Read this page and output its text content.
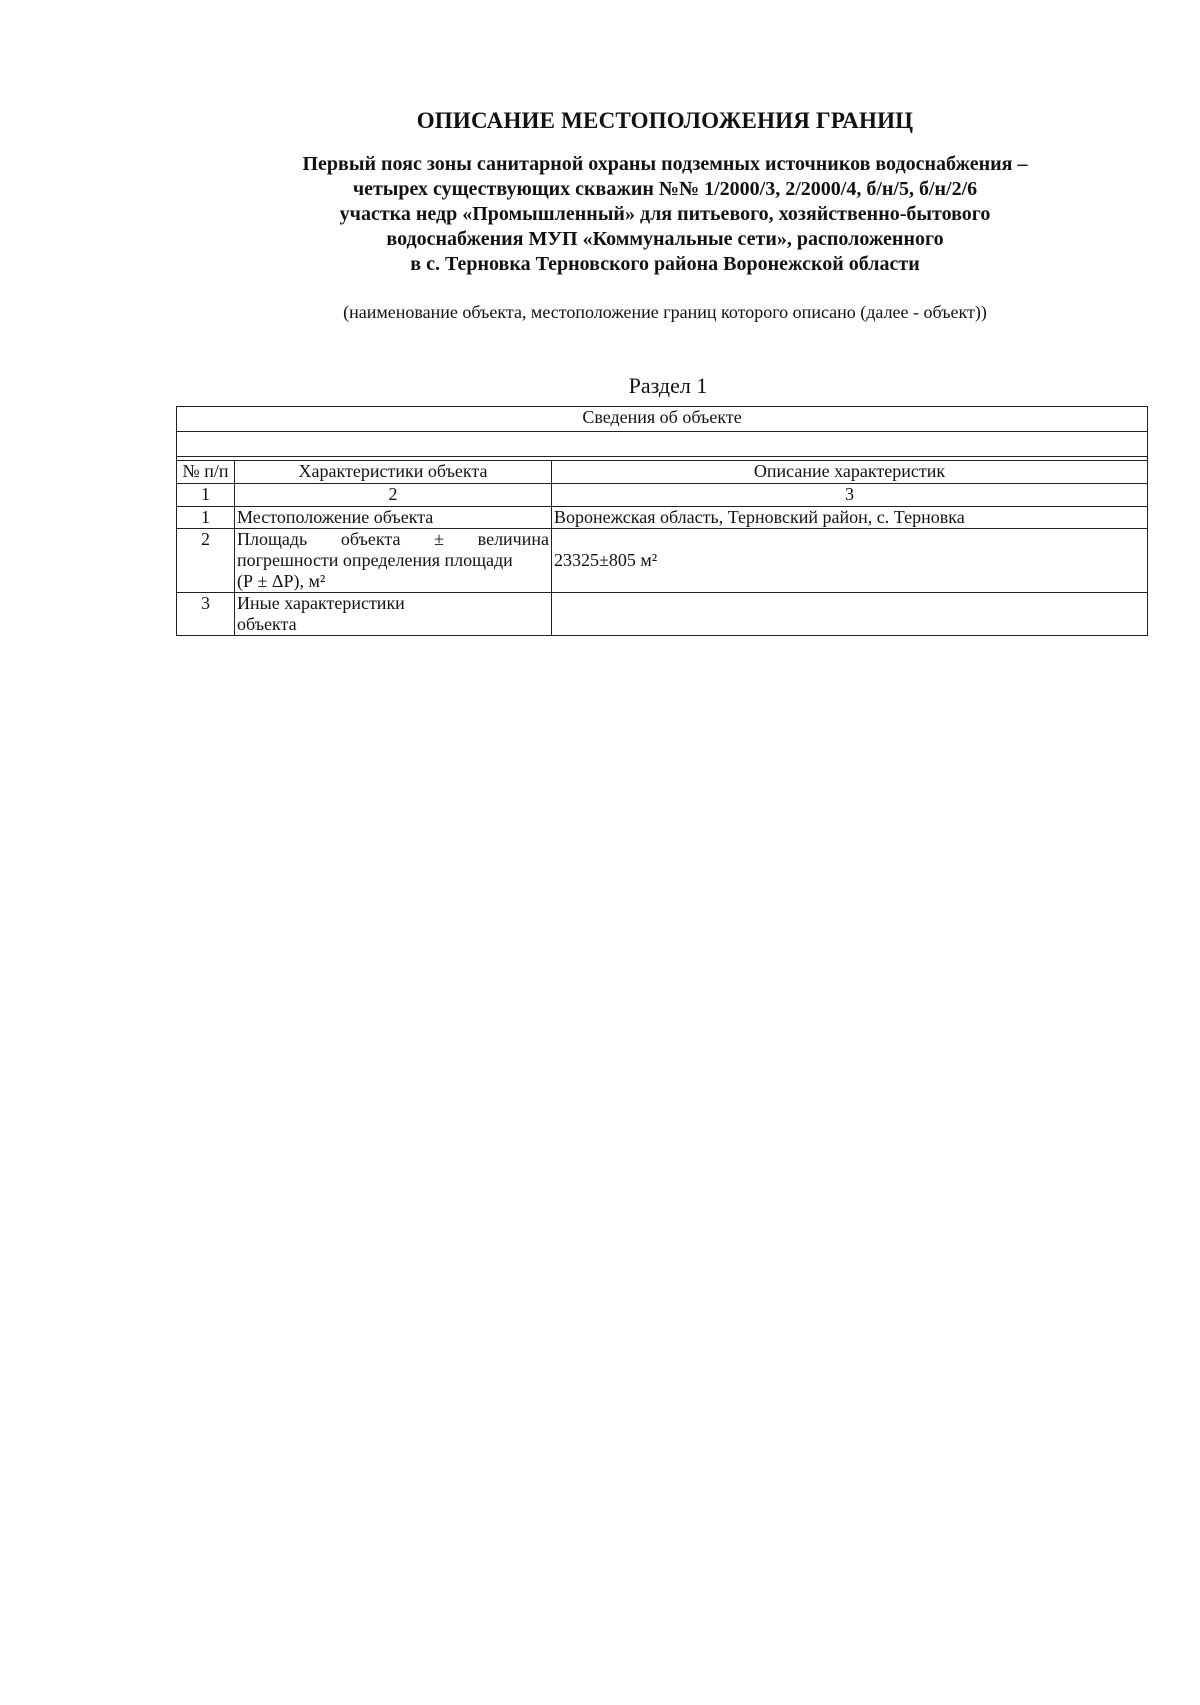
ОПИСАНИЕ МЕСТОПОЛОЖЕНИЯ ГРАНИЦ
Первый пояс зоны санитарной охраны подземных источников водоснабжения –
четырех существующих скважин №№ 1/2000/3, 2/2000/4, б/н/5, б/н/2/6
участка недр «Промышленный» для питьевого, хозяйственно-бытового
водоснабжения МУП «Коммунальные сети», расположенного
в с. Терновка Терновского района Воронежской области
(наименование объекта, местоположение границ которого описано (далее - объект))
Раздел 1
Сведения об объекте		

№ п/п	Характеристики объекта	Описание характеристик
1	2	3
1	Местоположение объекта	Воронежская область, Терновский район, с. Терновка
2	Площадь объекта ± величина
погрешности определения площади
(Р ± ΔР), м²	23325±805 м²
3	Иные характеристики
объекта	
